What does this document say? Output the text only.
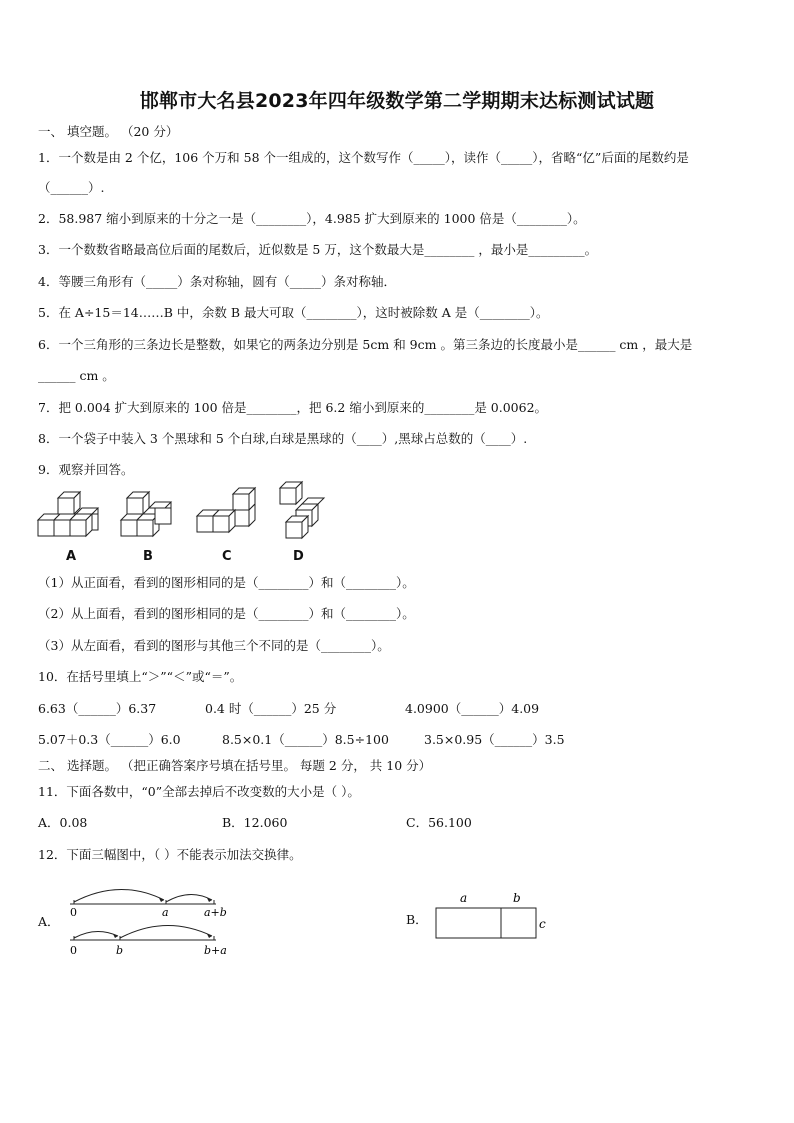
邯郸市大名县2023年四年级数学第二学期期末达标测试试题
一、 填空题。 （20 分）
1．一个数是由 2 个亿，106 个万和 58 个一组成的，这个数写作（_____），读作（_____），省略“亿”后面的尾数约是
（______）.
2．58.987 缩小到原来的十分之一是（________），4.985 扩大到原来的 1000 倍是（________）。
3．一个数数省略最高位后面的尾数后，近似数是 5 万，这个数最大是________ ，最小是_________。
4．等腰三角形有（_____）条对称轴，圆有（_____）条对称轴．
5．在 A÷15＝14……B 中，余数 B 最大可取（________），这时被除数 A 是（________）。
6．一个三角形的三条边长是整数，如果它的两条边分别是 5cm 和 9cm 。第三条边的长度最小是______ cm ，最大是
______ cm 。
7．把 0.004 扩大到原来的 100 倍是________，把 6.2 缩小到原来的________是 0.0062。
8．一个袋子中装入 3 个黑球和 5 个白球,白球是黑球的（____）,黑球占总数的（____）.
9．观察并回答。
A	B	C	D
（1）从正面看，看到的图形相同的是（________）和（________）。
（2）从上面看，看到的图形相同的是（________）和（________）。
（3）从左面看，看到的图形与其他三个不同的是（________）。
10．在括号里填上“＞”“＜”或“＝”。
6.63（______）6.37	0.4 时（______）25 分	4.0900（______）4.09
5.07＋0.3（______）6.0	8.5×0.1（______）8.5÷100	3.5×0.95（______）3.5
二、 选择题。 （把正确答案序号填在括号里。 每题 2 分， 共 10 分）
11．下面各数中，“0”全部去掉后不改变数的大小是（ ）。
A．0.08	B．12.060	C．56.100
12．下面三幅图中，（ ）不能表示加法交换律。
A．	B．
0	a	a+b
0	b	b+a
a	b
c
